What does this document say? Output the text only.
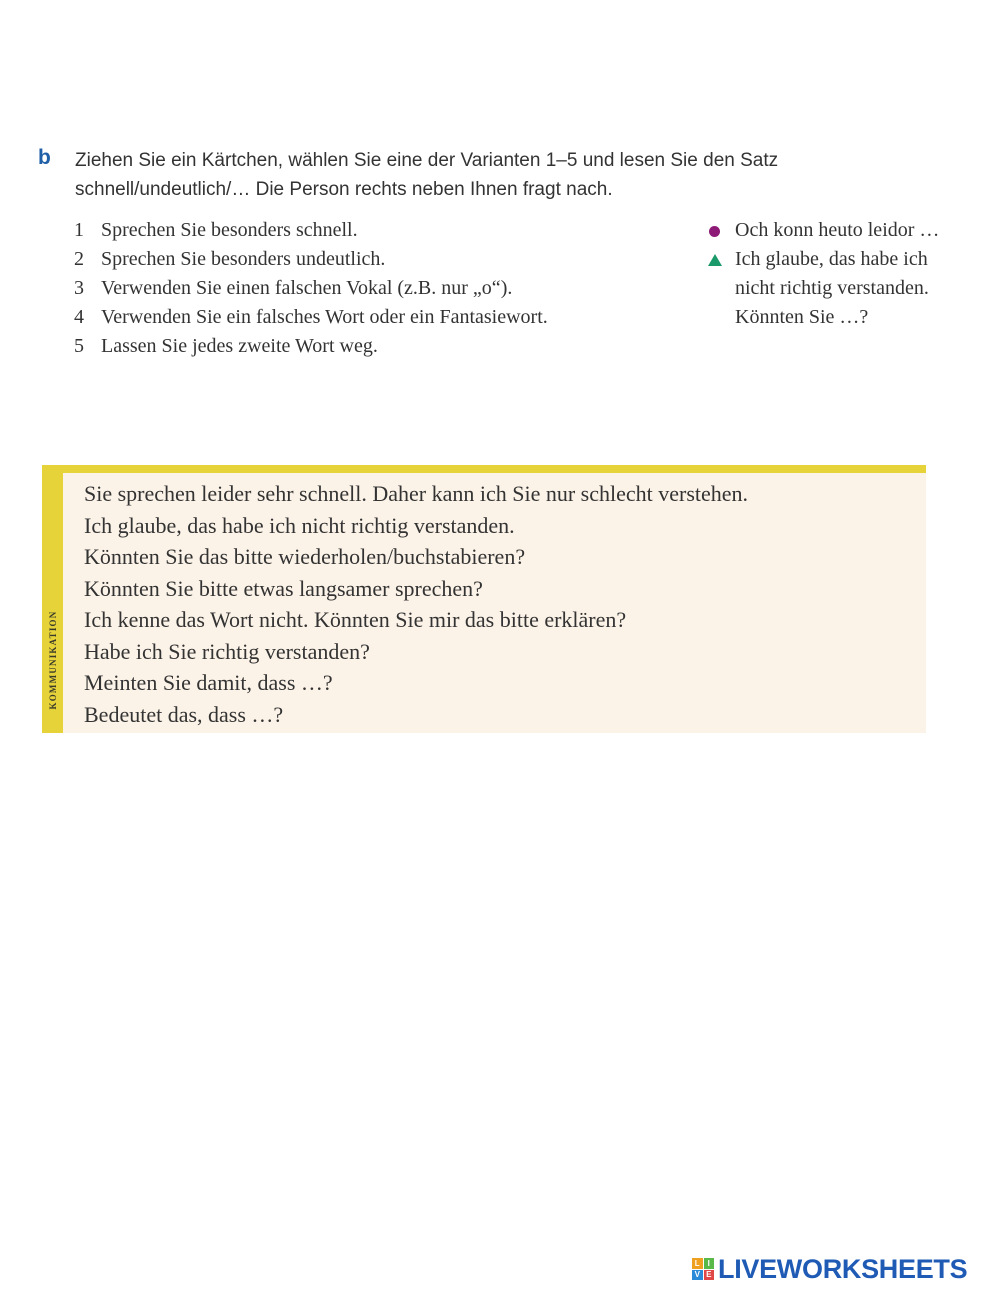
b Ziehen Sie ein Kärtchen, wählen Sie eine der Varianten 1–5 und lesen Sie den Satz
schnell/undeutlich/… Die Person rechts neben Ihnen fragt nach.
1 Sprechen Sie besonders schnell.
2 Sprechen Sie besonders undeutlich.
3 Verwenden Sie einen falschen Vokal (z.B. nur „o“).
4 Verwenden Sie ein falsches Wort oder ein Fantasiewort.
5 Lassen Sie jedes zweite Wort weg.
Och konn heuto leidor …
Ich glaube, das habe ich
nicht richtig verstanden.
Könnten Sie …?
KOMMUNIKATION
Sie sprechen leider sehr schnell. Daher kann ich Sie nur schlecht verstehen.
Ich glaube, das habe ich nicht richtig verstanden.
Könnten Sie das bitte wiederholen/buchstabieren?
Könnten Sie bitte etwas langsamer sprechen?
Ich kenne das Wort nicht. Könnten Sie mir das bitte erklären?
Habe ich Sie richtig verstanden?
Meinten Sie damit, dass …?
Bedeutet das, dass …?
L I
V E LIVEWORKSHEETS
